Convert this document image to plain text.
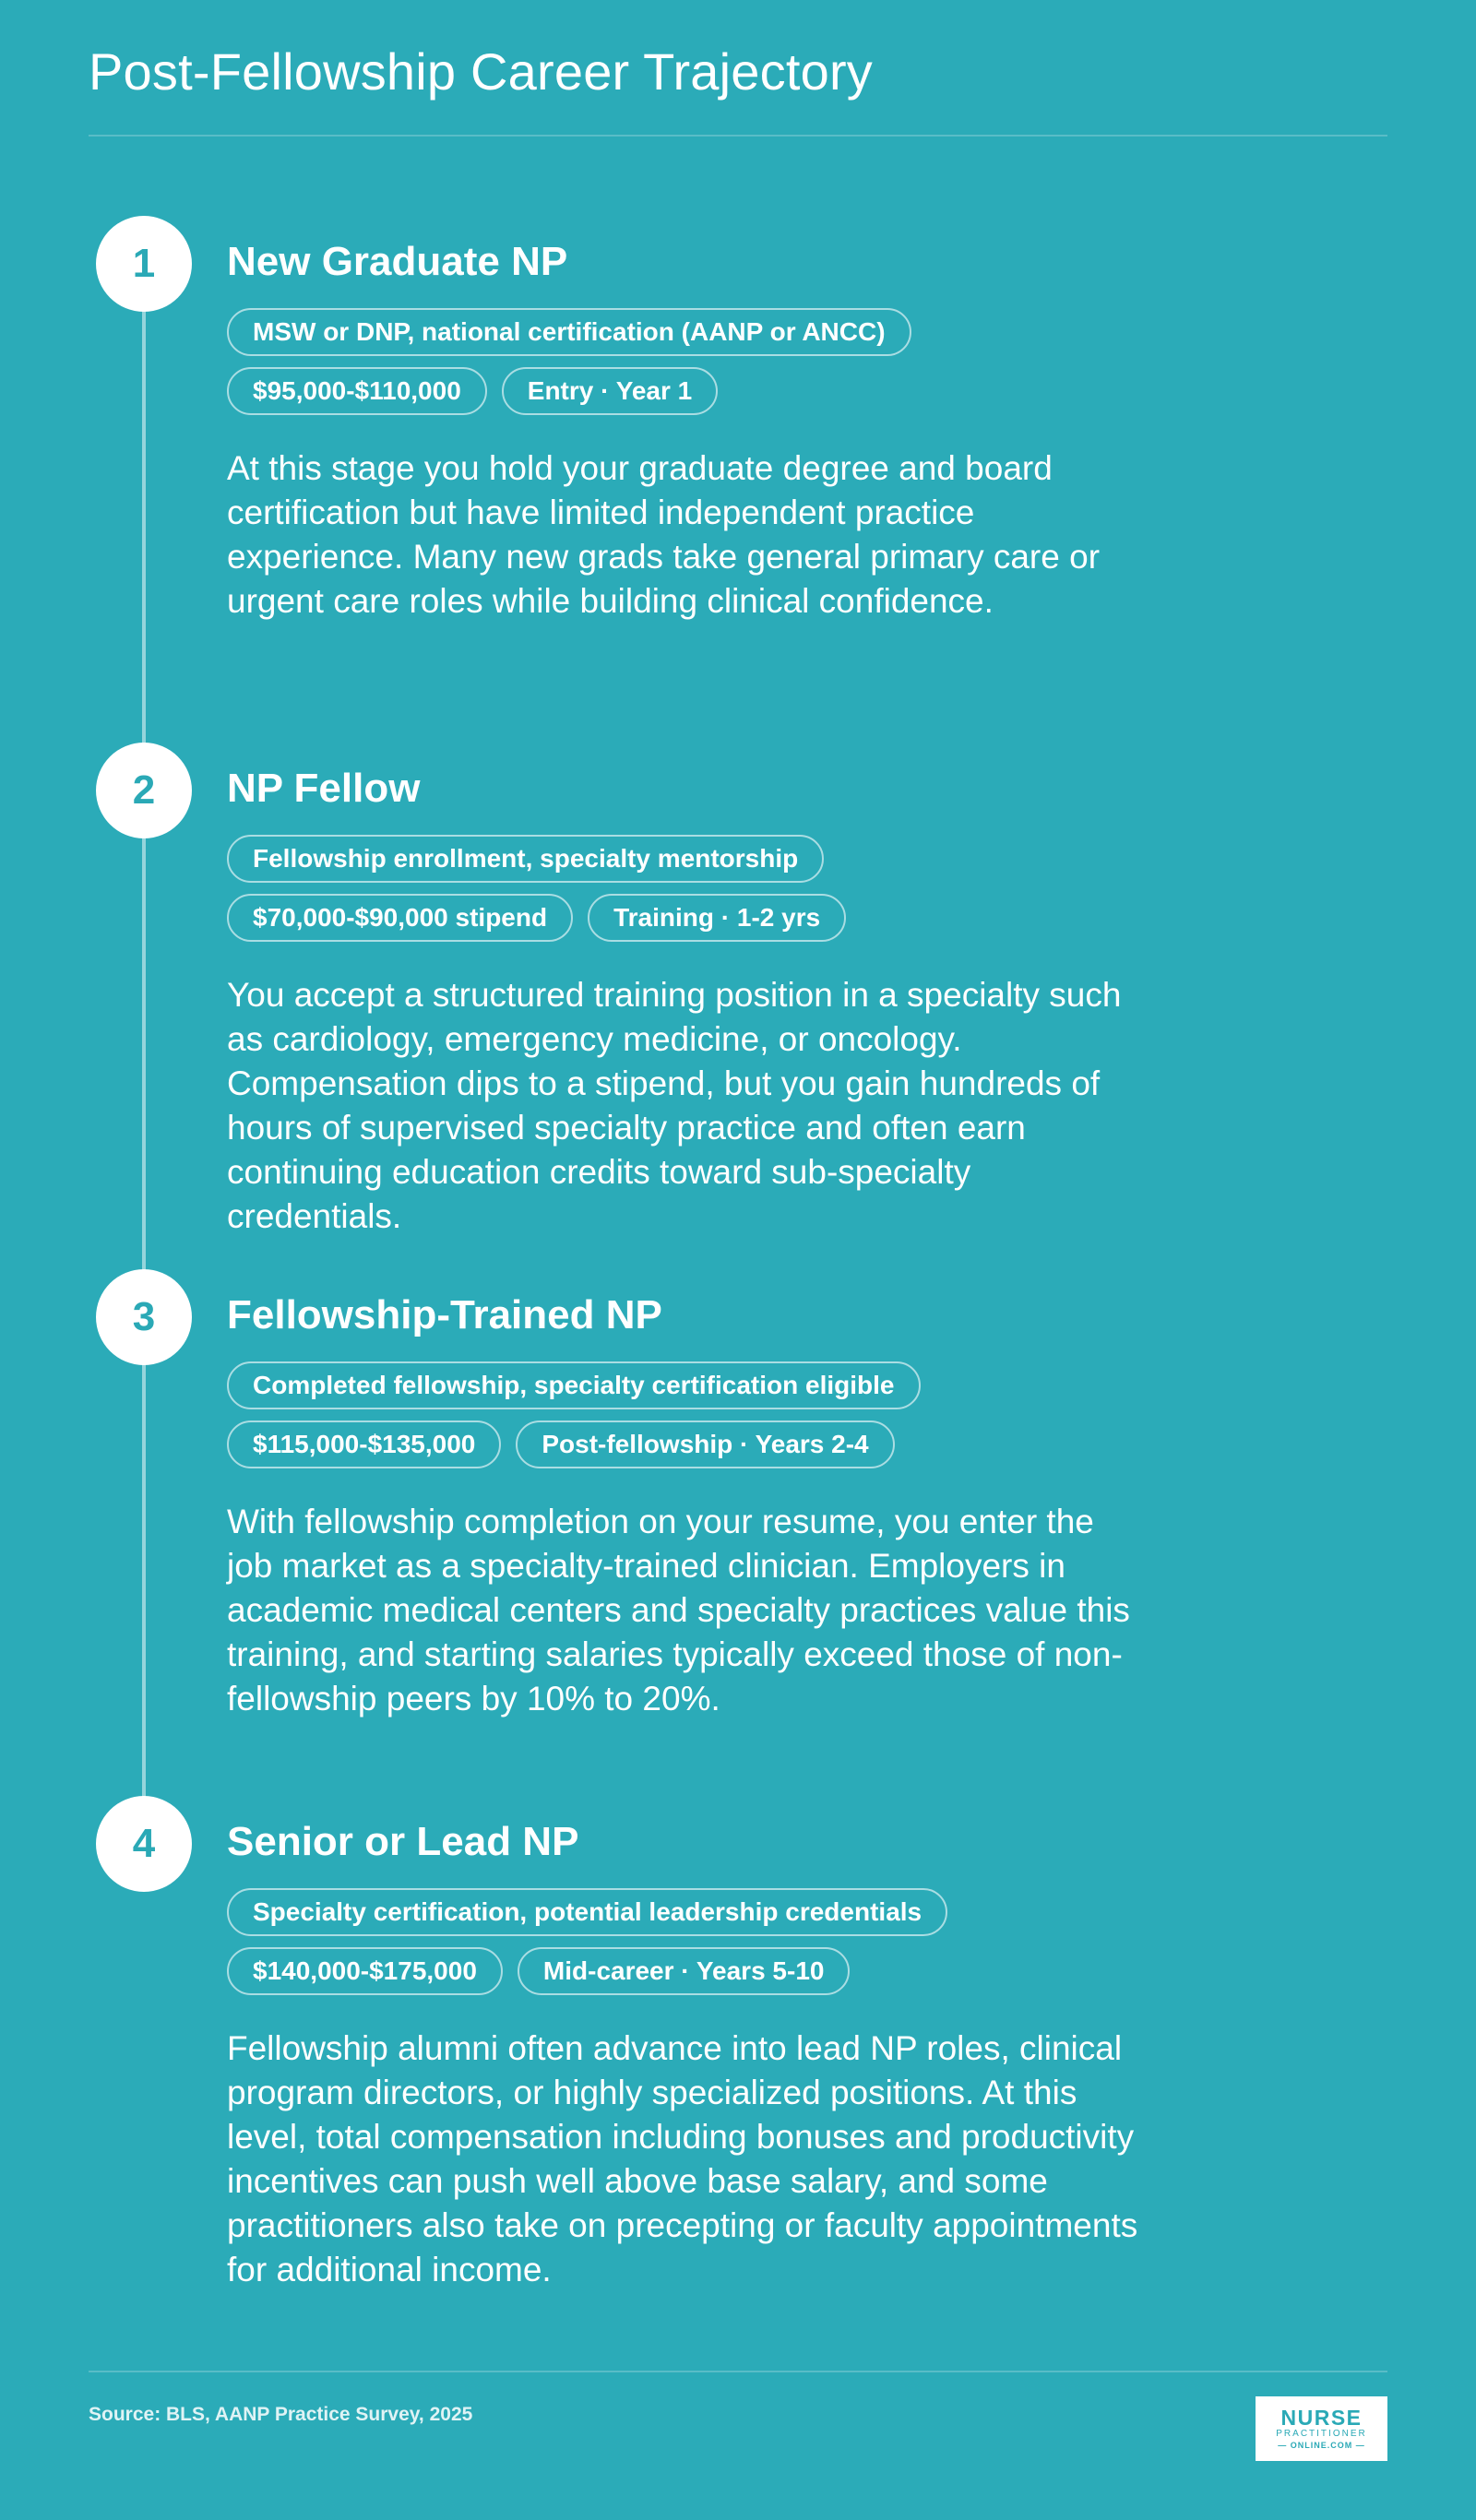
Post-Fellowship Career Trajectory
1	New Graduate NP
MSW or DNP, national certification (AANP or ANCC)
$95,000-$110,000	Entry · Year 1
At this stage you hold your graduate degree and board certification but have limited independent practice experience. Many new grads take general primary care or urgent care roles while building clinical confidence.
2	NP Fellow
Fellowship enrollment, specialty mentorship
$70,000-$90,000 stipend	Training · 1-2 yrs
You accept a structured training position in a specialty such as cardiology, emergency medicine, or oncology. Compensation dips to a stipend, but you gain hundreds of hours of supervised specialty practice and often earn continuing education credits toward sub-specialty credentials.
3	Fellowship-Trained NP
Completed fellowship, specialty certification eligible
$115,000-$135,000	Post-fellowship · Years 2-4
With fellowship completion on your resume, you enter the job market as a specialty-trained clinician. Employers in academic medical centers and specialty practices value this training, and starting salaries typically exceed those of non-fellowship peers by 10% to 20%.
4	Senior or Lead NP
Specialty certification, potential leadership credentials
$140,000-$175,000	Mid-career · Years 5-10
Fellowship alumni often advance into lead NP roles, clinical program directors, or highly specialized positions. At this level, total compensation including bonuses and productivity incentives can push well above base salary, and some practitioners also take on precepting or faculty appointments for additional income.
Source: BLS, AANP Practice Survey, 2025	NURSE
PRACTITIONER
— ONLINE.COM —
